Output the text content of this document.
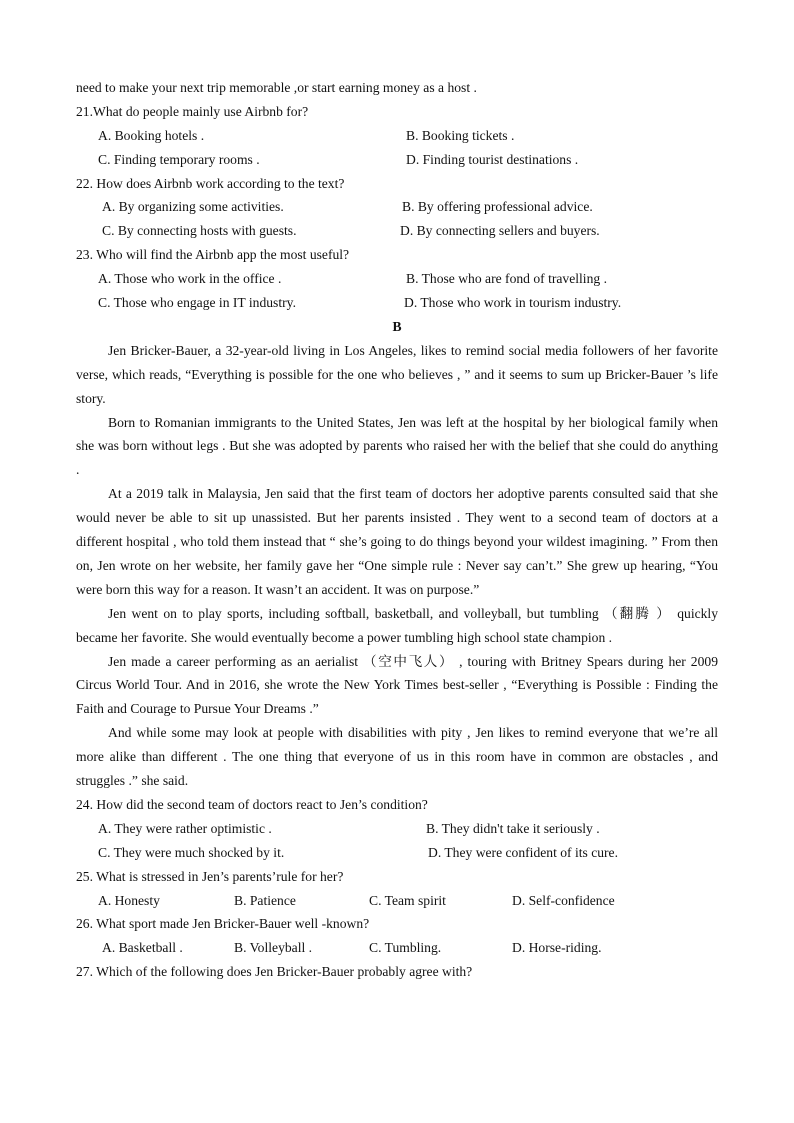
need to make your next trip memorable ,or start earning money as a host .
21.What do people mainly use Airbnb for?
A. Booking hotels .	B. Booking tickets .
C. Finding temporary rooms .	D. Finding tourist destinations .
22. How does Airbnb work according to the text?
A. By organizing some activities.	B. By offering professional advice.
C. By connecting hosts with guests.	D. By connecting sellers and buyers.
23. Who will find the Airbnb app the most useful?
A. Those who work in the office .	B. Those who are fond of travelling .
C. Those who engage in IT industry.	D. Those who work in tourism industry.
B

Jen Bricker-Bauer, a 32-year-old living in Los Angeles, likes to remind social media followers of her favorite verse, which reads, “Everything is possible for the one who believes , ” and it seems to sum up Bricker-Bauer ’s life story.

Born to Romanian immigrants to the United States, Jen was left at the hospital by her biological family when she was born without legs . But she was adopted by parents who raised her with the belief that she could do anything .

At a 2019 talk in Malaysia, Jen said that the first team of doctors her adoptive parents consulted said that she would never be able to sit up unassisted. But her parents insisted . They went to a second team of doctors at a different hospital , who told them instead that “ she’s going to do things beyond your wildest imagining. ” From then on, Jen wrote on her website, her family gave her “One simple rule : Never say can’t.” She grew up hearing, “You were born this way for a reason. It wasn’t an accident. It was on purpose.”

Jen went on to play sports, including softball, basketball, and volleyball, but tumbling （翻腾 ） quickly became her favorite. She would eventually become a power tumbling high school state champion .

Jen made a career performing as an aerialist （空中飞人） , touring with Britney Spears during her 2009 Circus World Tour. And in 2016, she wrote the New York Times best-seller , “Everything is Possible : Finding the Faith and Courage to Pursue Your Dreams .”

And while some may look at people with disabilities with pity , Jen likes to remind everyone that we’re all more alike than different . The one thing that everyone of us in this room have in common are obstacles , and struggles .” she said.

24. How did the second team of doctors react to Jen’s condition?
A. They were rather optimistic .	B. They didn't take it seriously .
C. They were much shocked by it.	D. They were confident of its cure.
25. What is stressed in Jen’s parents’rule for her?
A. Honesty	B. Patience	C. Team spirit	D. Self-confidence
26. What sport made Jen Bricker-Bauer well -known?
A. Basketball .	B. Volleyball .	C. Tumbling.	D. Horse-riding.
27. Which of the following does Jen Bricker-Bauer probably agree with?
